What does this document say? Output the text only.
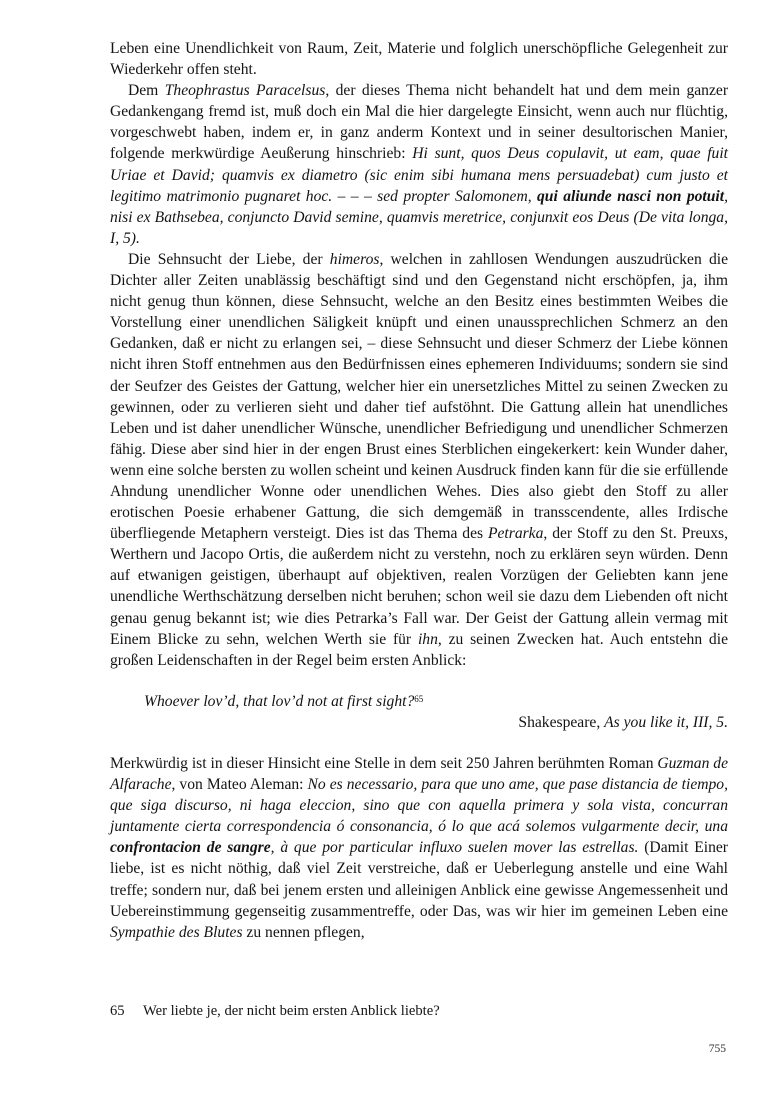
Leben eine Unendlichkeit von Raum, Zeit, Materie und folglich unerschöpfliche Gelegenheit zur Wiederkehr offen steht.

Dem Theophrastus Paracelsus, der dieses Thema nicht behandelt hat und dem mein ganzer Gedankengang fremd ist, muß doch ein Mal die hier dargelegte Einsicht, wenn auch nur flüchtig, vorgeschwebt haben, indem er, in ganz anderm Kontext und in seiner desultorischen Manier, folgende merkwürdige Aeußerung hinschrieb: Hi sunt, quos Deus copulavit, ut eam, quae fuit Uriae et David; quamvis ex diametro (sic enim sibi humana mens persuadebat) cum justo et legitimo matrimonio pugnaret hoc. – – – sed propter Salomonem, qui aliunde nasci non potuit, nisi ex Bathsebea, conjuncto David semine, quamvis meretrice, conjunxit eos Deus (De vita longa, I, 5).

Die Sehnsucht der Liebe, der himeros, welchen in zahllosen Wendungen auszudrücken die Dichter aller Zeiten unablässig beschäftigt sind und den Gegenstand nicht erschöpfen, ja, ihm nicht genug thun können, diese Sehnsucht, welche an den Besitz eines bestimmten Weibes die Vorstellung einer unendlichen Säligkeit knüpft und einen unaussprechlichen Schmerz an den Gedanken, daß er nicht zu erlangen sei, – diese Sehnsucht und dieser Schmerz der Liebe können nicht ihren Stoff entnehmen aus den Bedürfnissen eines ephemeren Individuums; sondern sie sind der Seufzer des Geistes der Gattung, welcher hier ein unersetzliches Mittel zu seinen Zwecken zu gewinnen, oder zu verlieren sieht und daher tief aufstöhnt. Die Gattung allein hat unendliches Leben und ist daher unendlicher Wünsche, unendlicher Befriedigung und unendlicher Schmerzen fähig. Diese aber sind hier in der engen Brust eines Sterblichen eingekerkert: kein Wunder daher, wenn eine solche bersten zu wollen scheint und keinen Ausdruck finden kann für die sie erfüllende Ahndung unendlicher Wonne oder unendlichen Wehes. Dies also giebt den Stoff zu aller erotischen Poesie erhabener Gattung, die sich demgemäß in transscendente, alles Irdische überfliegende Metaphern versteigt. Dies ist das Thema des Petrarka, der Stoff zu den St. Preuxs, Werthern und Jacopo Ortis, die außerdem nicht zu verstehn, noch zu erklären seyn würden. Denn auf etwanigen geistigen, überhaupt auf objektiven, realen Vorzügen der Geliebten kann jene unendliche Werthschätzung derselben nicht beruhen; schon weil sie dazu dem Liebenden oft nicht genau genug bekannt ist; wie dies Petrarka’s Fall war. Der Geist der Gattung allein vermag mit Einem Blicke zu sehn, welchen Werth sie für ihn, zu seinen Zwecken hat. Auch entstehn die großen Leidenschaften in der Regel beim ersten Anblick:

Whoever lov’d, that lov’d not at first sight?$^{65}$
Shakespeare, As you like it, III, 5.

Merkwürdig ist in dieser Hinsicht eine Stelle in dem seit 250 Jahren berühmten Roman Guzman de Alfarache, von Mateo Aleman: No es necessario, para que uno ame, que pase distancia de tiempo, que siga discurso, ni haga eleccion, sino que con aquella primera y sola vista, concurran juntamente cierta correspondencia ó consonancia, ó lo que acá solemos vulgarmente decir, una confrontacion de sangre, à que por particular influxo suelen mover las estrellas. (Damit Einer liebe, ist es nicht nöthig, daß viel Zeit verstreiche, daß er Ueberlegung anstelle und eine Wahl treffe; sondern nur, daß bei jenem ersten und alleinigen Anblick eine gewisse Angemessenheit und Uebereinstimmung gegenseitig zusammentreffe, oder Das, was wir hier im gemeinen Leben eine Sympathie des Blutes zu nennen pflegen,

65 Wer liebte je, der nicht beim ersten Anblick liebte?
755
